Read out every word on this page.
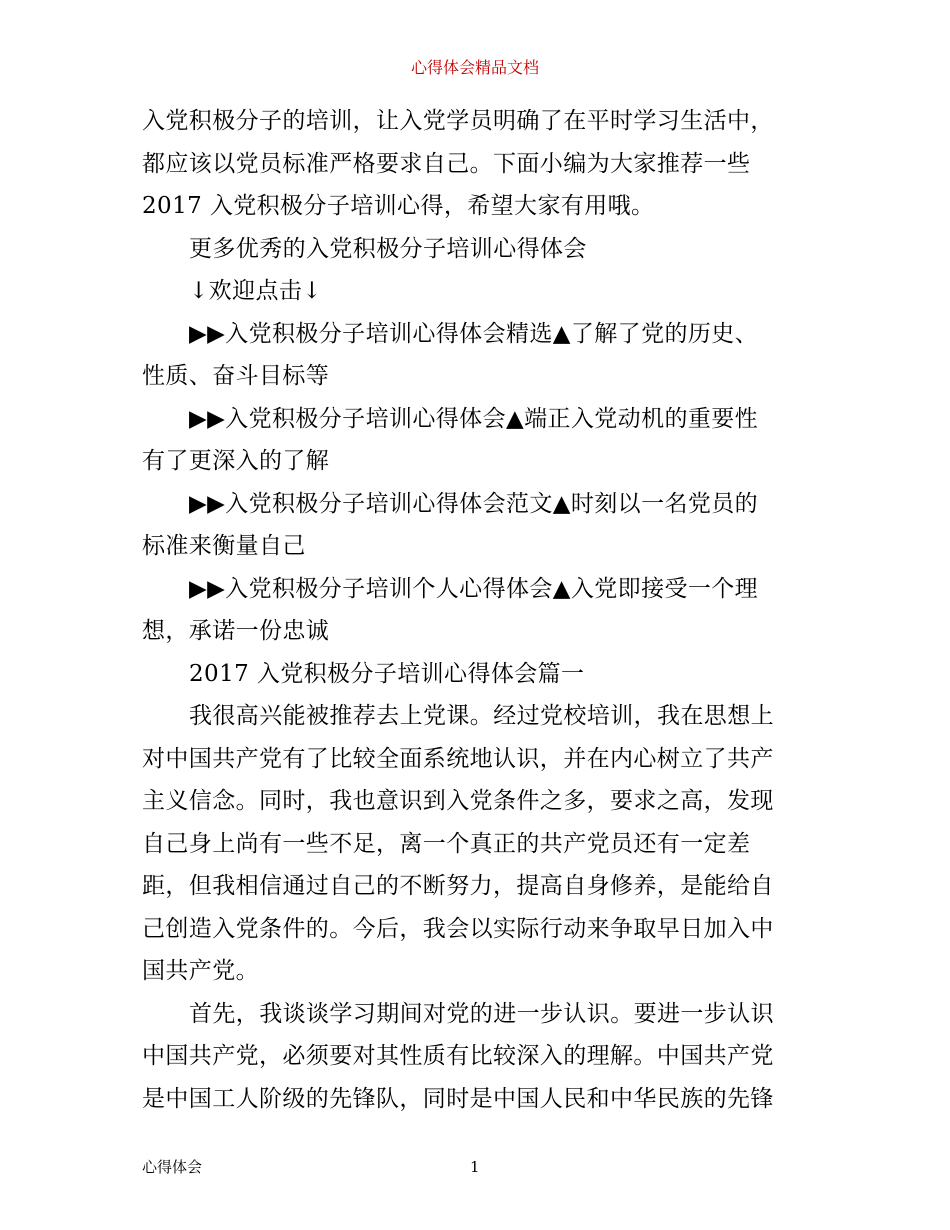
心得体会精品文档
入党积极分子的培训，让入党学员明确了在平时学习生活中，
都应该以党员标准严格要求自己。下面小编为大家推荐一些
2017 入党积极分子培训心得，希望大家有用哦。
更多优秀的入党积极分子培训心得体会
↓欢迎点击↓
▶▶入党积极分子培训心得体会精选▲了解了党的历史、
性质、奋斗目标等
▶▶入党积极分子培训心得体会▲端正入党动机的重要性
有了更深入的了解
▶▶入党积极分子培训心得体会范文▲时刻以一名党员的
标准来衡量自己
▶▶入党积极分子培训个人心得体会▲入党即接受一个理
想，承诺一份忠诚
2017 入党积极分子培训心得体会篇一
我很高兴能被推荐去上党课。经过党校培训，我在思想上
对中国共产党有了比较全面系统地认识，并在内心树立了共产
主义信念。同时，我也意识到入党条件之多，要求之高，发现
自己身上尚有一些不足，离一个真正的共产党员还有一定差
距，但我相信通过自己的不断努力，提高自身修养，是能给自
己创造入党条件的。今后，我会以实际行动来争取早日加入中
国共产党。
首先，我谈谈学习期间对党的进一步认识。要进一步认识
中国共产党，必须要对其性质有比较深入的理解。中国共产党
是中国工人阶级的先锋队，同时是中国人民和中华民族的先锋
心得体会	1
